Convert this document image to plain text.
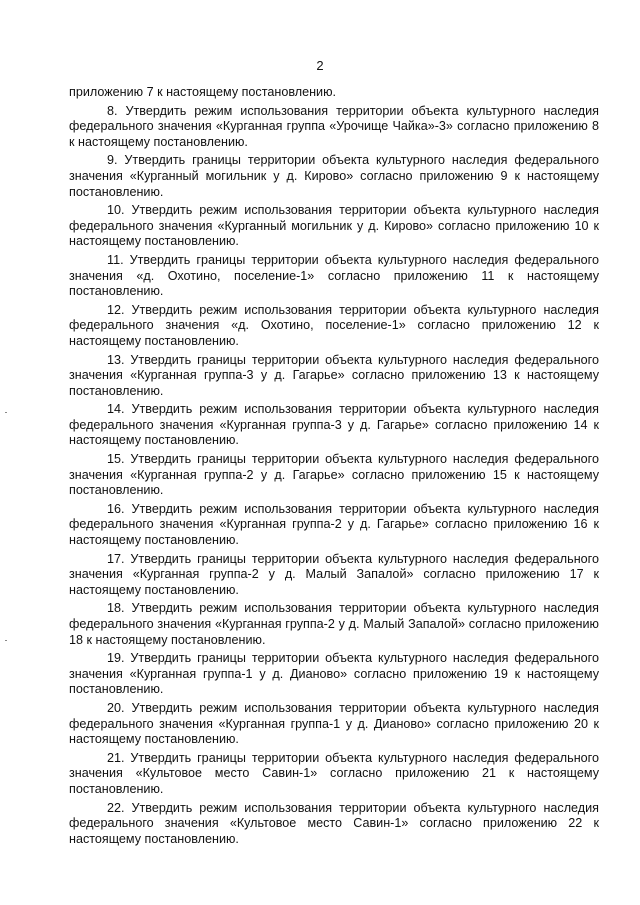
2

приложению 7 к настоящему постановлению.

8. Утвердить режим использования территории объекта культурного наследия федерального значения «Курганная группа «Урочище Чайка»-3» согласно приложению 8 к настоящему постановлению.

9. Утвердить границы территории объекта культурного наследия федерального значения «Курганный могильник у д. Кирово» согласно приложению 9 к настоящему постановлению.

10. Утвердить режим использования территории объекта культурного наследия федерального значения «Курганный могильник у д. Кирово» согласно приложению 10 к настоящему постановлению.

11. Утвердить границы территории объекта культурного наследия федерального значения «д. Охотино, поселение-1» согласно приложению 11 к настоящему постановлению.

12. Утвердить режим использования территории объекта культурного наследия федерального значения «д. Охотино, поселение-1» согласно приложению 12 к настоящему постановлению.

13. Утвердить границы территории объекта культурного наследия федерального значения «Курганная группа-3 у д. Гагарье» согласно приложению 13 к настоящему постановлению.

14. Утвердить режим использования территории объекта культурного наследия федерального значения «Курганная группа-3 у д. Гагарье» согласно приложению 14 к настоящему постановлению.

15. Утвердить границы территории объекта культурного наследия федерального значения «Курганная группа-2 у д. Гагарье» согласно приложению 15 к настоящему постановлению.

16. Утвердить режим использования территории объекта культурного наследия федерального значения «Курганная группа-2 у д. Гагарье» согласно приложению 16 к настоящему постановлению.

17. Утвердить границы территории объекта культурного наследия федерального значения «Курганная группа-2 у д. Малый Запалой» согласно приложению 17 к настоящему постановлению.

18. Утвердить режим использования территории объекта культурного наследия федерального значения «Курганная группа-2 у д. Малый Запалой» согласно приложению 18 к настоящему постановлению.

19. Утвердить границы территории объекта культурного наследия федерального значения «Курганная группа-1 у д. Дианово» согласно приложению 19 к настоящему постановлению.

20. Утвердить режим использования территории объекта культурного наследия федерального значения «Курганная группа-1 у д. Дианово» согласно приложению 20 к настоящему постановлению.

21. Утвердить границы территории объекта культурного наследия федерального значения «Культовое место Савин-1» согласно приложению 21 к настоящему постановлению.

22. Утвердить режим использования территории объекта культурного наследия федерального значения «Культовое место Савин-1» согласно приложению 22 к настоящему постановлению.
